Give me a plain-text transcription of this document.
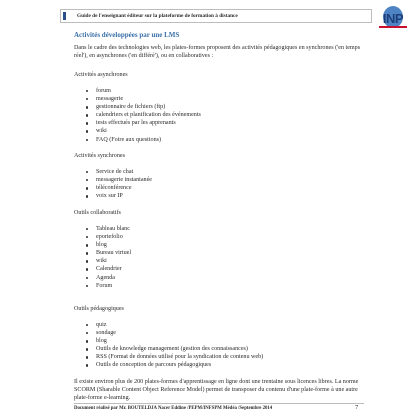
Guide de l'enseignant éditeur sur la plateforme de formation à distance	INP
Activités développées par une LMS
Dans le cadre des technologies web, les plates-formes proposent des activités pédagogiques en synchrones ('en temps réel'), en asynchrones ('en différé'), ou en collaboratives :
Activités asynchrones
forum
messagerie
gestionnaire de fichiers (ftp)
calendriers et planification des événements
tests effectués par les apprenants
wiki
FAQ (Foire aux questions)
Activités synchrones
Service de chat
messagerie instantanée
téléconférence
voix sur IP
Outils collaboratifs
Tableau blanc
eportefolio
blog
Bureau virtuel
wiki
Calendrier
Agenda
Forum
Outils pédagogiques
quiz
sondage
blog
Outils de knowledge management (gestion des connaissances)
RSS (Format de données utilisé pour la syndication de contenu web)
Outils de conception de parcours pédagogiques
Il existe environ plus de 200 plates-formes d'apprentissage en ligne dont une trentaine sous licences libres. La norme SCORM (Sharable Content Object Reference Model) permet de transposer du contenu d'une plate-forme à une autre plate-forme e-learning.
Document réalisé par Mr. BOUTELDJA Nacer Eddine /PEPM/INFSPM Médéa /Septembre 2014	7
